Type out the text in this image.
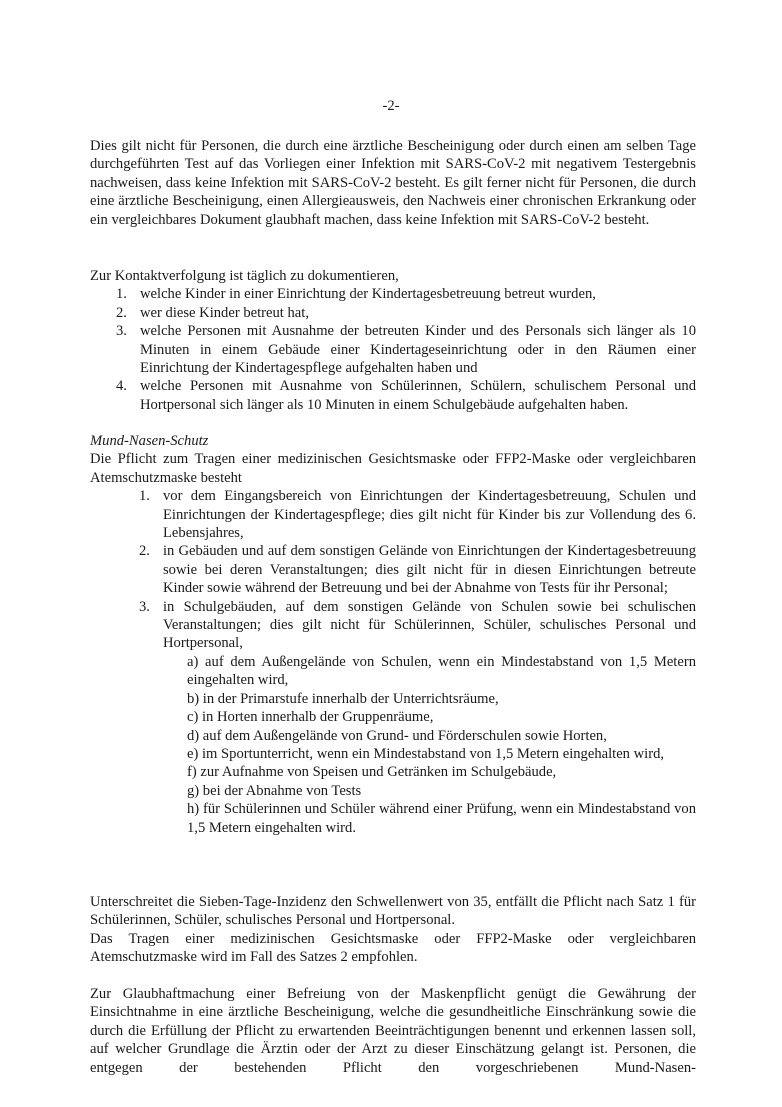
-2-

Dies gilt nicht für Personen, die durch eine ärztliche Bescheinigung oder durch einen am selben Tage durchgeführten Test auf das Vorliegen einer Infektion mit SARS-CoV-2 mit negativem Testergebnis nachweisen, dass keine Infektion mit SARS-CoV-2 besteht. Es gilt ferner nicht für Personen, die durch eine ärztliche Bescheinigung, einen Allergieausweis, den Nachweis einer chronischen Erkrankung oder ein vergleichbares Dokument glaubhaft machen, dass keine Infektion mit SARS-CoV-2 besteht.

Zur Kontaktverfolgung ist täglich zu dokumentieren,

1. welche Kinder in einer Einrichtung der Kindertagesbetreuung betreut wurden,
2. wer diese Kinder betreut hat,
3. welche Personen mit Ausnahme der betreuten Kinder und des Personals sich länger als 10 Minuten in einem Gebäude einer Kindertageseinrichtung oder in den Räumen einer Einrichtung der Kindertagespflege aufgehalten haben und
4. welche Personen mit Ausnahme von Schülerinnen, Schülern, schulischem Personal und Hortpersonal sich länger als 10 Minuten in einem Schulgebäude aufgehalten haben.

Mund-Nasen-Schutz

Die Pflicht zum Tragen einer medizinischen Gesichtsmaske oder FFP2-Maske oder vergleichbaren Atemschutzmaske besteht

1. vor dem Eingangsbereich von Einrichtungen der Kindertagesbetreuung, Schulen und Einrichtungen der Kindertagespflege; dies gilt nicht für Kinder bis zur Vollendung des 6. Lebensjahres,
2. in Gebäuden und auf dem sonstigen Gelände von Einrichtungen der Kindertagesbetreuung sowie bei deren Veranstaltungen; dies gilt nicht für in diesen Einrichtungen betreute Kinder sowie während der Betreuung und bei der Abnahme von Tests für ihr Personal;
3. in Schulgebäuden, auf dem sonstigen Gelände von Schulen sowie bei schulischen Veranstaltungen; dies gilt nicht für Schülerinnen, Schüler, schulisches Personal und Hortpersonal,

a) auf dem Außengelände von Schulen, wenn ein Mindestabstand von 1,5 Metern eingehalten wird,

b) in der Primarstufe innerhalb der Unterrichtsräume,

c) in Horten innerhalb der Gruppenräume,

d) auf dem Außengelände von Grund- und Förderschulen sowie Horten,

e) im Sportunterricht, wenn ein Mindestabstand von 1,5 Metern eingehalten wird,

f) zur Aufnahme von Speisen und Getränken im Schulgebäude,

g) bei der Abnahme von Tests

h) für Schülerinnen und Schüler während einer Prüfung, wenn ein Mindestabstand von 1,5 Metern eingehalten wird.

Unterschreitet die Sieben-Tage-Inzidenz den Schwellenwert von 35, entfällt die Pflicht nach Satz 1 für Schülerinnen, Schüler, schulisches Personal und Hortpersonal.

Das Tragen einer medizinischen Gesichtsmaske oder FFP2-Maske oder vergleichbaren Atemschutzmaske wird im Fall des Satzes 2 empfohlen.

Zur Glaubhaftmachung einer Befreiung von der Maskenpflicht genügt die Gewährung der Einsichtnahme in eine ärztliche Bescheinigung, welche die gesundheitliche Einschränkung sowie die durch die Erfüllung der Pflicht zu erwartenden Beeinträchtigungen benennt und erkennen lassen soll, auf welcher Grundlage die Ärztin oder der Arzt zu dieser Einschätzung gelangt ist. Personen, die entgegen der bestehenden Pflicht den vorgeschriebenen Mund-Nasen-
